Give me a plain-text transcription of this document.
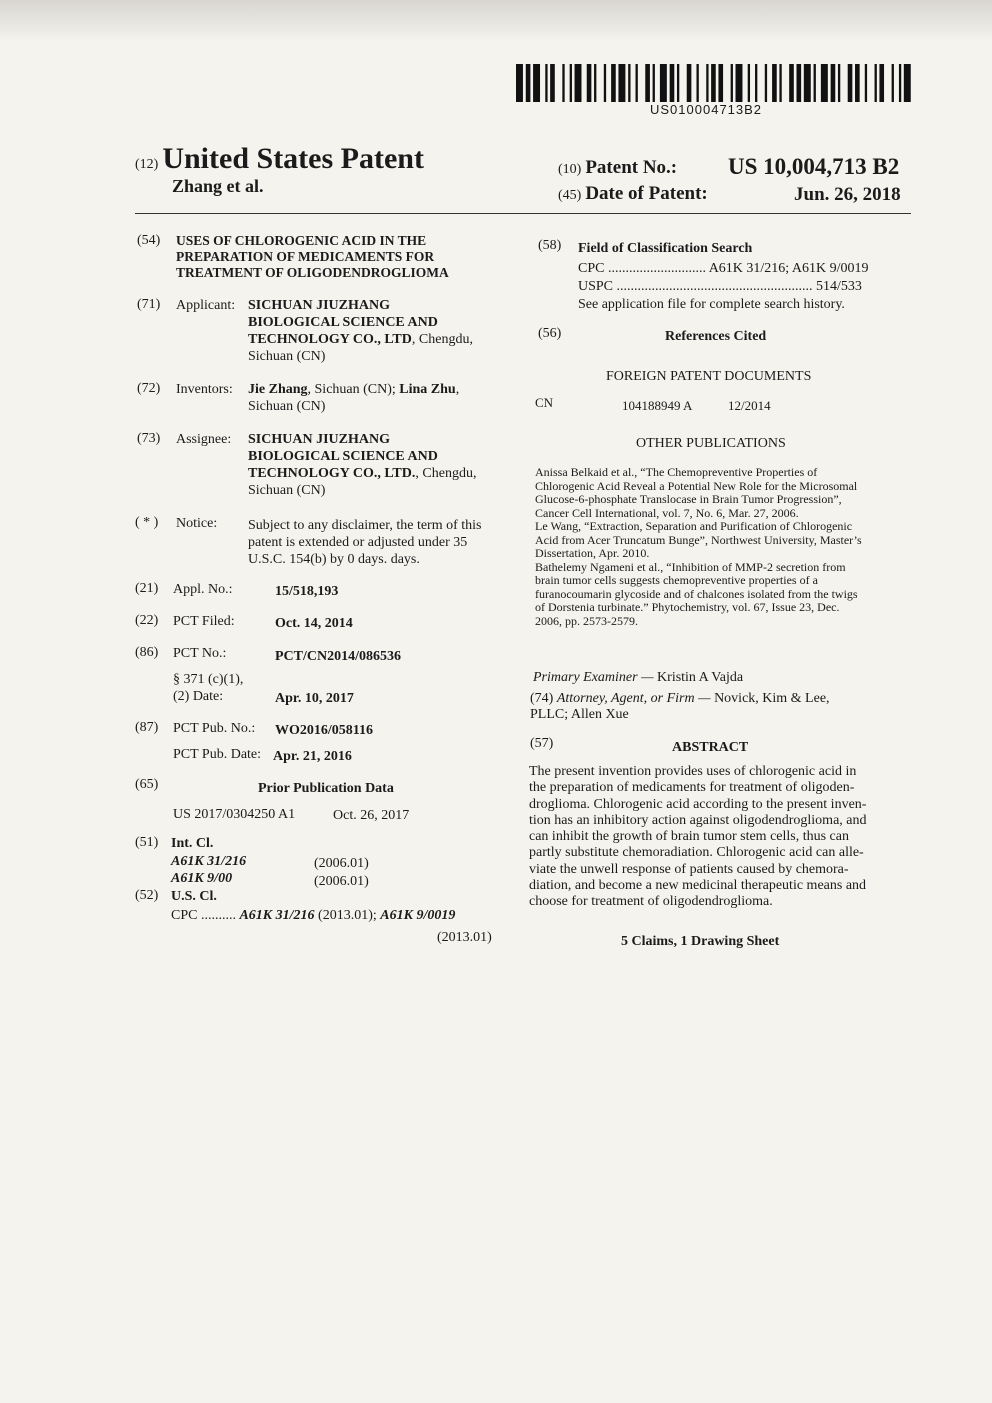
US010004713B2
(12) United States Patent
Zhang et al.
(10) Patent No.: US 10,004,713 B2
(45) Date of Patent:	Jun. 26, 2018
(54) USES OF CHLOROGENIC ACID IN THE
PREPARATION OF MEDICAMENTS FOR
TREATMENT OF OLIGODENDROGLIOMA
(71) Applicant: SICHUAN JIUZHANG
BIOLOGICAL SCIENCE AND
TECHNOLOGY CO., LTD, Chengdu,
Sichuan (CN)
(72) Inventors: Jie Zhang, Sichuan (CN); Lina Zhu,
Sichuan (CN)
(73) Assignee: SICHUAN JIUZHANG
BIOLOGICAL SCIENCE AND
TECHNOLOGY CO., LTD., Chengdu,
Sichuan (CN)
( * ) Notice: Subject to any disclaimer, the term of this
patent is extended or adjusted under 35
U.S.C. 154(b) by 0 days. days.
(21) Appl. No.:	15/518,193
(22) PCT Filed:	Oct. 14, 2014
(86) PCT No.:	PCT/CN2014/086536
§ 371 (c)(1),
(2) Date:	Apr. 10, 2017
(87) PCT Pub. No.: WO2016/058116
PCT Pub. Date: Apr. 21, 2016
(65)	Prior Publication Data
US 2017/0304250 A1	Oct. 26, 2017
(51) Int. Cl.
A61K 31/216	(2006.01)
A61K 9/00	(2006.01)
(52) U.S. Cl.
CPC .......... A61K 31/216 (2013.01); A61K 9/0019
(2013.01)
(58) Field of Classification Search
CPC ............................ A61K 31/216; A61K 9/0019
USPC ........................................................ 514/533
See application file for complete search history.
(56)	References Cited
FOREIGN PATENT DOCUMENTS
CN	104188949 A	12/2014
OTHER PUBLICATIONS
Anissa Belkaid et al., “The Chemopreventive Properties of
Chlorogenic Acid Reveal a Potential New Role for the Microsomal
Glucose-6-phosphate Translocase in Brain Tumor Progression”,
Cancer Cell International, vol. 7, No. 6, Mar. 27, 2006.
Le Wang, “Extraction, Separation and Purification of Chlorogenic
Acid from Acer Truncatum Bunge”, Northwest University, Master’s
Dissertation, Apr. 2010.
Bathelemy Ngameni et al., “Inhibition of MMP-2 secretion from
brain tumor cells suggests chemopreventive properties of a
furanocoumarin glycoside and of chalcones isolated from the twigs
of Dorstenia turbinate.” Phytochemistry, vol. 67, Issue 23, Dec.
2006, pp. 2573-2579.
Primary Examiner — Kristin A Vajda
(74) Attorney, Agent, or Firm — Novick, Kim & Lee,
PLLC; Allen Xue
(57)	ABSTRACT
The present invention provides uses of chlorogenic acid in
the preparation of medicaments for treatment of oligoden-
droglioma. Chlorogenic acid according to the present inven-
tion has an inhibitory action against oligodendroglioma, and
can inhibit the growth of brain tumor stem cells, thus can
partly substitute chemoradiation. Chlorogenic acid can alle-
viate the unwell response of patients caused by chemora-
diation, and become a new medicinal therapeutic means and
choose for treatment of oligodendroglioma.
5 Claims, 1 Drawing Sheet
